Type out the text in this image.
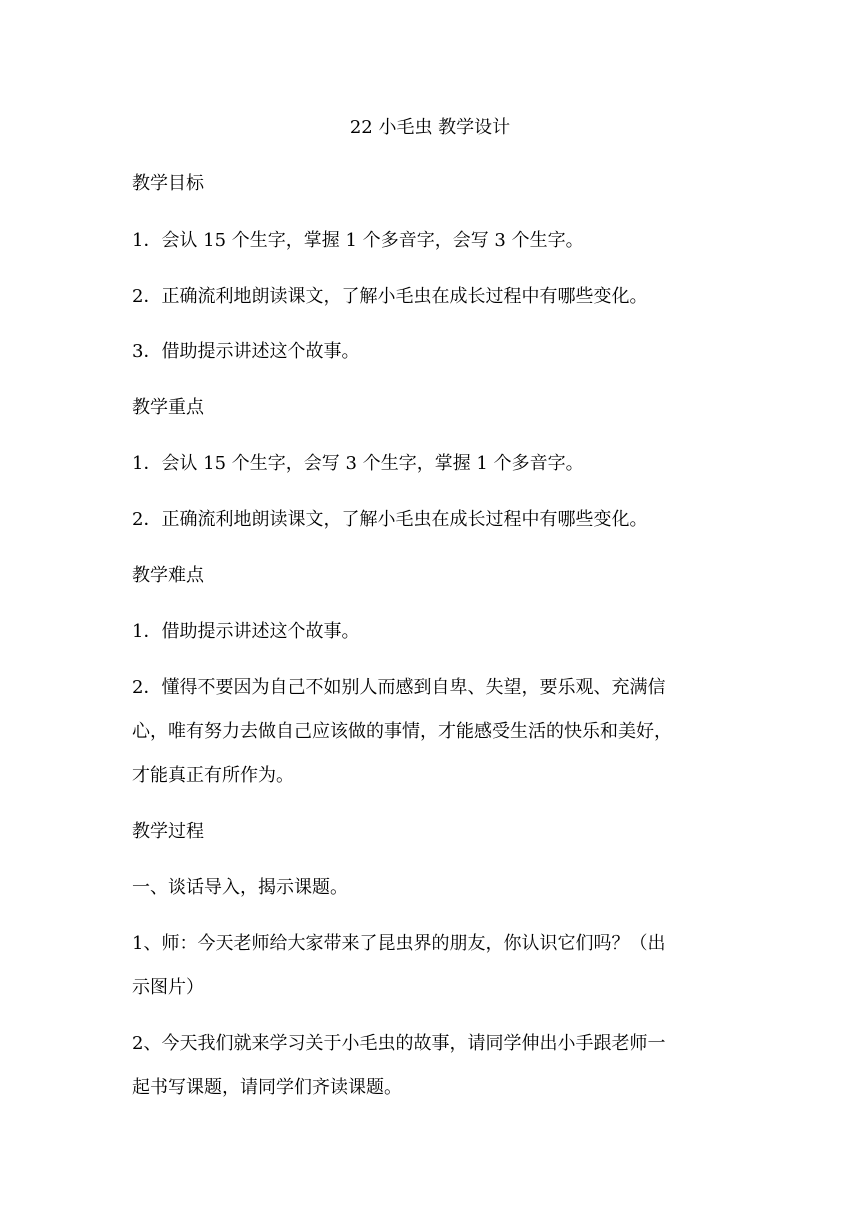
22 小毛虫 教学设计
教学目标
1．会认 15 个生字，掌握 1 个多音字，会写 3 个生字。
2．正确流利地朗读课文，了解小毛虫在成长过程中有哪些变化。
3．借助提示讲述这个故事。
教学重点
1．会认 15 个生字，会写 3 个生字，掌握 1 个多音字。
2．正确流利地朗读课文，了解小毛虫在成长过程中有哪些变化。
教学难点
1．借助提示讲述这个故事。
2．懂得不要因为自己不如别人而感到自卑、失望，要乐观、充满信
心，唯有努力去做自己应该做的事情，才能感受生活的快乐和美好，
才能真正有所作为。
教学过程
一、谈话导入，揭示课题。
1、师：今天老师给大家带来了昆虫界的朋友，你认识它们吗？（出
示图片）
2、今天我们就来学习关于小毛虫的故事，请同学伸出小手跟老师一
起书写课题，请同学们齐读课题。
